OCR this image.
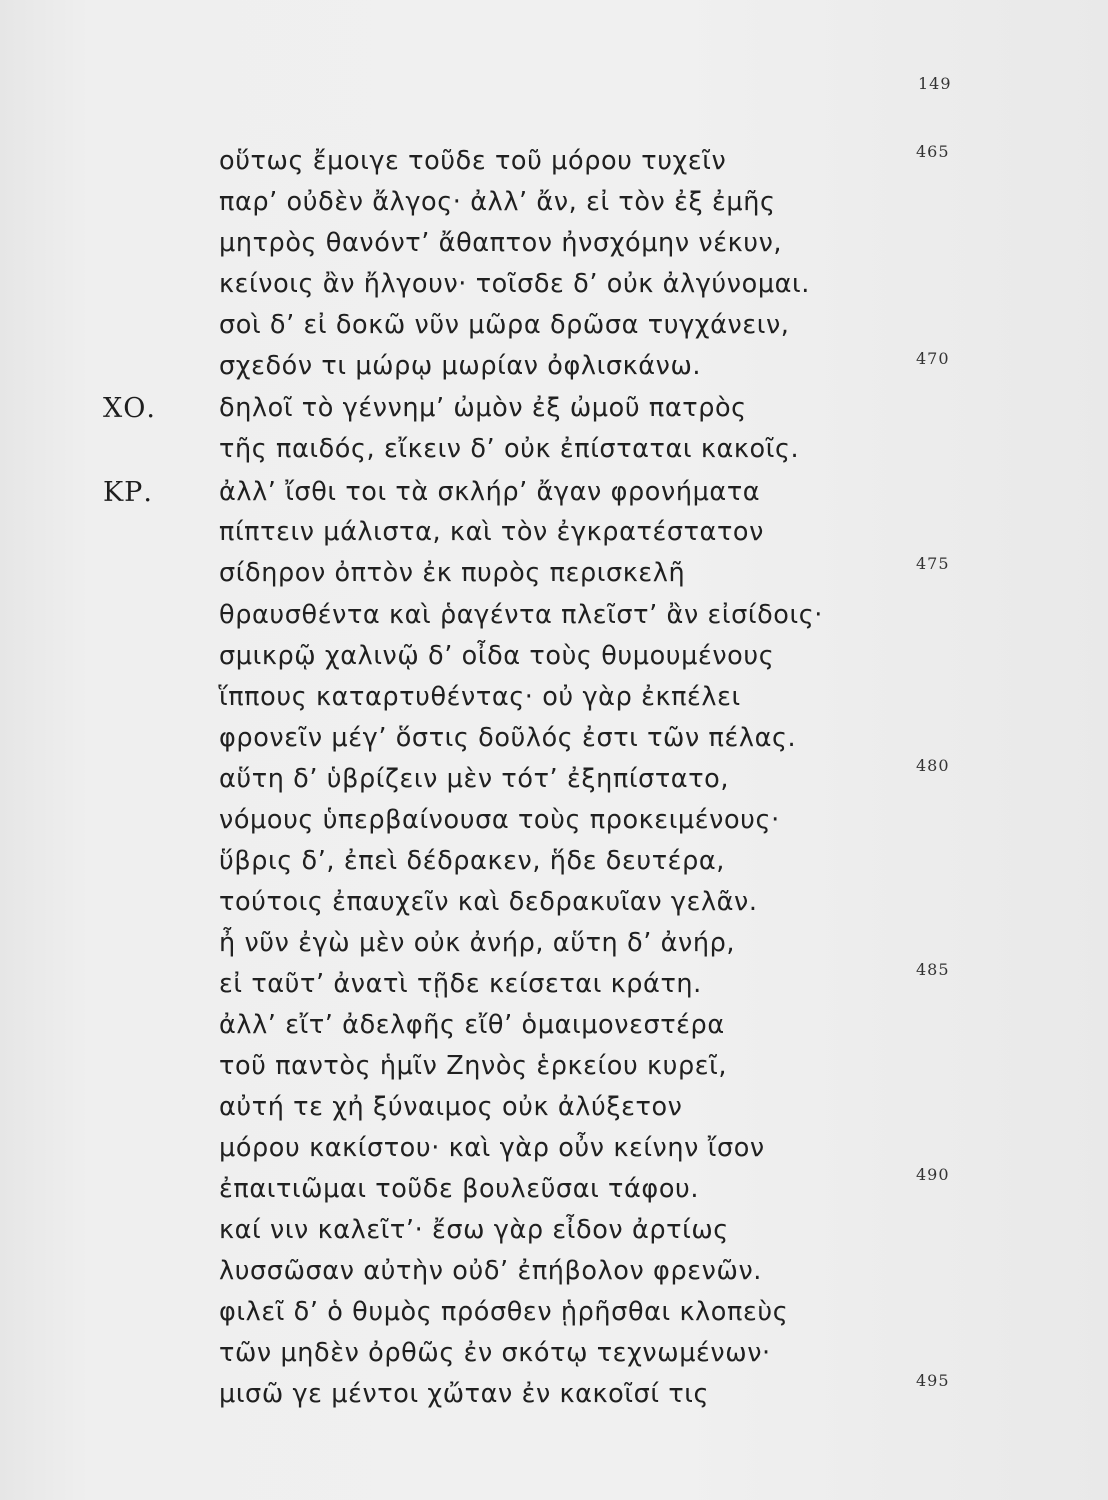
149
οὕτως ἔμοιγε τοῦδε τοῦ μόρου τυχεῖν	465
παρ’ οὐδὲν ἄλγος· ἀλλ’ ἄν, εἰ τὸν ἐξ ἐμῆς
μητρὸς θανόντ’ ἄθαπτον ἠνσχόμην νέκυν,
κείνοις ἂν ἤλγουν· τοῖσδε δ’ οὐκ ἀλγύνομαι.
σοὶ δ’ εἰ δοκῶ νῦν μῶρα δρῶσα τυγχάνειν,
σχεδόν τι μώρῳ μωρίαν ὀφλισκάνω.	470
ΧΟ. δηλοῖ τὸ γέννημ’ ὠμὸν ἐξ ὠμοῦ πατρὸς
τῆς παιδός, εἴκειν δ’ οὐκ ἐπίσταται κακοῖς.
ΚΡ.	ἀλλ’ ἴσθι τοι τὰ σκλήρ’ ἄγαν φρονήματα
πίπτειν μάλιστα, καὶ τὸν ἐγκρατέστατον
σίδηρον ὀπτὸν ἐκ πυρὸς περισκελῆ	475
θραυσθέντα καὶ ῥαγέντα πλεῖστ’ ἂν εἰσίδοις·
σμικρῷ χαλινῷ δ’ οἶδα τοὺς θυμουμένους
ἵππους καταρτυθέντας· οὐ γὰρ ἐκπέλει
φρονεῖν μέγ’ ὅστις δοῦλός ἐστι τῶν πέλας.
αὕτη δ’ ὑβρίζειν μὲν τότ’ ἐξηπίστατο,	480
νόμους ὑπερβαίνουσα τοὺς προκειμένους·
ὕβρις δ’, ἐπεὶ δέδρακεν, ἥδε δευτέρα,
τούτοις ἐπαυχεῖν καὶ δεδρακυῖαν γελᾶν.
ἦ νῦν ἐγὼ μὲν οὐκ ἀνήρ, αὕτη δ’ ἀνήρ,
εἰ ταῦτ’ ἀνατὶ τῇδε κείσεται κράτη.	485
ἀλλ’ εἴτ’ ἀδελφῆς εἴθ’ ὁμαιμονεστέρα
τοῦ παντὸς ἡμῖν Ζηνὸς ἑρκείου κυρεῖ,
αὐτή τε χἠ ξύναιμος οὐκ ἀλύξετον
μόρου κακίστου· καὶ γὰρ οὖν κείνην ἴσον
ἐπαιτιῶμαι τοῦδε βουλεῦσαι τάφου.	490
καί νιν καλεῖτ’· ἔσω γὰρ εἶδον ἀρτίως
λυσσῶσαν αὐτὴν οὐδ’ ἐπήβολον φρενῶν.
φιλεῖ δ’ ὁ θυμὸς πρόσθεν ᾑρῆσθαι κλοπεὺς
τῶν μηδὲν ὀρθῶς ἐν σκότῳ τεχνωμένων·
μισῶ γε μέντοι χὤταν ἐν κακοῖσί τις	495
